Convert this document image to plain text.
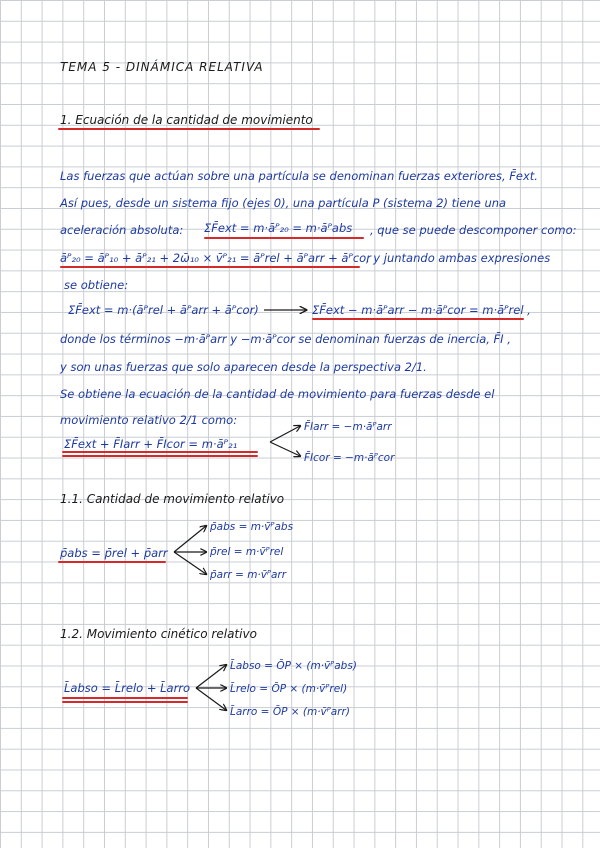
TEMA 5 - DINÁMICA RELATIVA
1. Ecuación de la cantidad de movimiento
Las fuerzas que actúan sobre una partícula se denominan fuerzas exteriores, F̄ext.
Así pues, desde un sistema fijo (ejes 0), una partícula P (sistema 2) tiene una
aceleración absoluta: ΣF̄ext = m·āᴾ₂₀ = m·āᴾabs , que se puede descomponer como:
āᴾ₂₀ = āᴾ₁₀ + āᴾ₂₁ + 2ω̄₁₀ × v̄ᴾ₂₁ = āᴾrel + āᴾarr + āᴾcor
, y juntando ambas expresiones
se obtiene:
ΣF̄ext = m·(āᴾrel + āᴾarr + āᴾcor)	ΣF̄ext − m·āᴾarr − m·āᴾcor = m·āᴾrel ,
donde los términos −m·āᴾarr y −m·āᴾcor se denominan fuerzas de inercia, F̄I ,
y son unas fuerzas que solo aparecen desde la perspectiva 2/1.
Se obtiene la ecuación de la cantidad de movimiento para fuerzas desde el
movimiento relativo 2/1 como:
ΣF̄ext + F̄Iarr + F̄Icor = m·āᴾ₂₁
F̄Iarr = −m·āᴾarr
F̄Icor = −m·āᴾcor
1.1. Cantidad de movimiento relativo
p̄abs = p̄rel + p̄arr
p̄abs = m·v̄ᴾabs
p̄rel = m·v̄ᴾrel
p̄arr = m·v̄ᴾarr
1.2. Movimiento cinético relativo
L̄abso = L̄relo + L̄arro
L̄abso = ŌP × (m·v̄ᴾabs)
L̄relo = ŌP × (m·v̄ᴾrel)
L̄arro = ŌP × (m·v̄ᴾarr)
